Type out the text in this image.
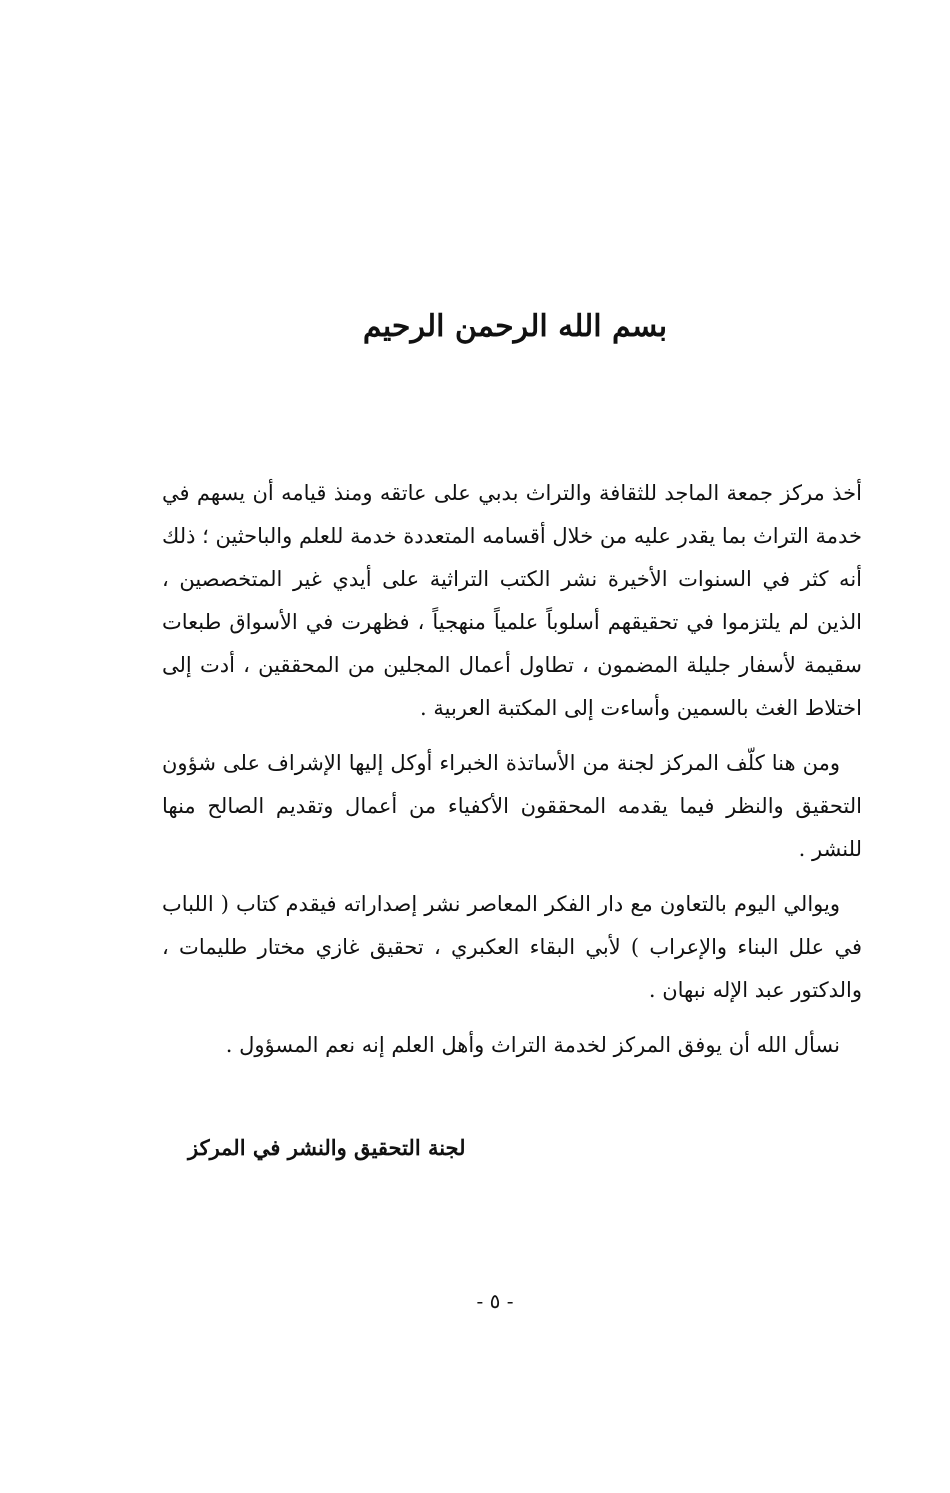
بسم الله الرحمن الرحيم

أخذ مركز جمعة الماجد للثقافة والتراث بدبي على عاتقه ومنذ قيامه أن يسهم في خدمة التراث بما يقدر عليه من خلال أقسامه المتعددة خدمة للعلم والباحثين ؛ ذلك أنه كثر في السنوات الأخيرة نشر الكتب التراثية على أيدي غير المتخصصين ، الذين لم يلتزموا في تحقيقهم أسلوباً علمياً منهجياً ، فظهرت في الأسواق طبعات سقيمة لأسفار جليلة المضمون ، تطاول أعمال المجلين من المحققين ، أدت إلى اختلاط الغث بالسمين وأساءت إلى المكتبة العربية .

ومن هنا كلّف المركز لجنة من الأساتذة الخبراء أوكل إليها الإشراف على شؤون التحقيق والنظر فيما يقدمه المحققون الأكفياء من أعمال وتقديم الصالح منها للنشر .

ويوالي اليوم بالتعاون مع دار الفكر المعاصر نشر إصداراته فيقدم كتاب ( اللباب في علل البناء والإعراب ) لأبي البقاء العكبري ، تحقيق غازي مختار طليمات ، والدكتور عبد الإله نبهان .

نسأل الله أن يوفق المركز لخدمة التراث وأهل العلم إنه نعم المسؤول .

لجنة التحقيق والنشر في المركز

- ٥ -
